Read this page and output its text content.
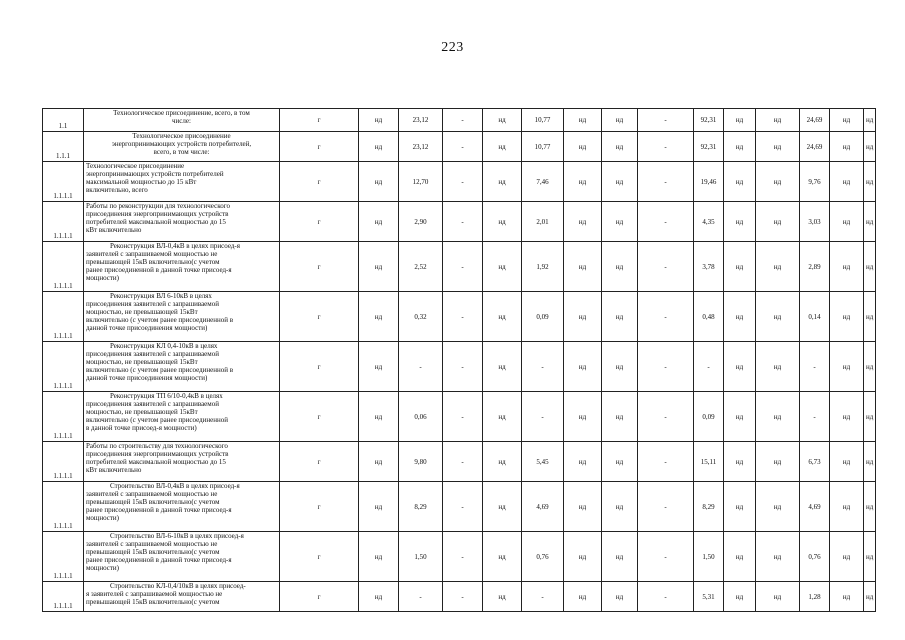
223
1.1	Технологическое присоединение, всего, в том
числе:	г	нд	23,12	-	нд	10,77	нд	нд	-	92,31	нд	нд	24,69	нд	нд
1.1.1	Технологическое присоединение
энергопринимающих устройств потребителей,
всего, в том числе:	г	нд	23,12	-	нд	10,77	нд	нд	-	92,31	нд	нд	24,69	нд	нд
1.1.1.1	Технологическое присоединение
энергопринимающих устройств потребителей
максимальной мощностью до 15 кВт
включительно, всего	г	нд	12,70	-	нд	7,46	нд	нд	-	19,46	нд	нд	9,76	нд	нд
1.1.1.1	Работы по реконструкции для технологического
присоединения энергопринимающих устройств
потребителей максимальной мощностью до 15
кВт включительно	г	нд	2,90	-	нд	2,01	нд	нд	-	4,35	нд	нд	3,03	нд	нд
1.1.1.1	Реконструкция ВЛ-0,4кВ в целях присоед-я
заявителей с запрашиваемой мощностью не
превышающей 15кВ включительно(с учетом
ранее присоединенной в данной точке присоед-я
мощности)	г	нд	2,52	-	нд	1,92	нд	нд	-	3,78	нд	нд	2,89	нд	нд
1.1.1.1	Реконструкция ВЛ 6-10кВ в целях
присоединения заявителей с запрашиваемой
мощностью, не превышающей 15кВт
включительно (с учетом ранее присоединенной в
данной точке присоединения мощности)	г	нд	0,32	-	нд	0,09	нд	нд	-	0,48	нд	нд	0,14	нд	нд
1.1.1.1	Реконструкция КЛ 0,4-10кВ в целях
присоединения заявителей с запрашиваемой
мощностью, не превышающей 15кВт
включительно (с учетом ранее присоединенной в
данной точке присоединения мощности)	г	нд	-	-	нд	-	нд	нд	-	-	нд	нд	-	нд	нд
1.1.1.1	Реконструкция ТП 6/10-0,4кВ в целях
присоединения заявителей с запрашиваемой
мощностью, не превышающей 15кВт
включительно (с учетом ранее присоединенной
в данной точке присоед-я мощности)	г	нд	0,06	-	нд	-	нд	нд	-	0,09	нд	нд	-	нд	нд
1.1.1.1	Работы по строительству для технологического
присоединения энергопринимающих устройств
потребителей максимальной мощностью до 15
кВт включительно	г	нд	9,80	-	нд	5,45	нд	нд	-	15,11	нд	нд	6,73	нд	нд
1.1.1.1	Строительство ВЛ-0,4кВ в целях присоед-я
заявителей с запрашиваемой мощностью не
превышающей 15кВ включительно(с учетом
ранее присоединенной в данной точке присоед-я
мощности)	г	нд	8,29	-	нд	4,69	нд	нд	-	8,29	нд	нд	4,69	нд	нд
1.1.1.1	Строительство ВЛ-6-10кВ в целях присоед-я
заявителей с запрашиваемой мощностью не
превышающей 15кВ включительно(с учетом
ранее присоединенной в данной точке присоед-я
мощности)	г	нд	1,50	-	нд	0,76	нд	нд	-	1,50	нд	нд	0,76	нд	нд
1.1.1.1	Строительство КЛ-0,4/10кВ в целях присоед-
я заявителей с запрашиваемой мощностью не
превышающей 15кВ включительно(с учетом	г	нд	-	-	нд	-	нд	нд	-	5,31	нд	нд	1,28	нд	нд
